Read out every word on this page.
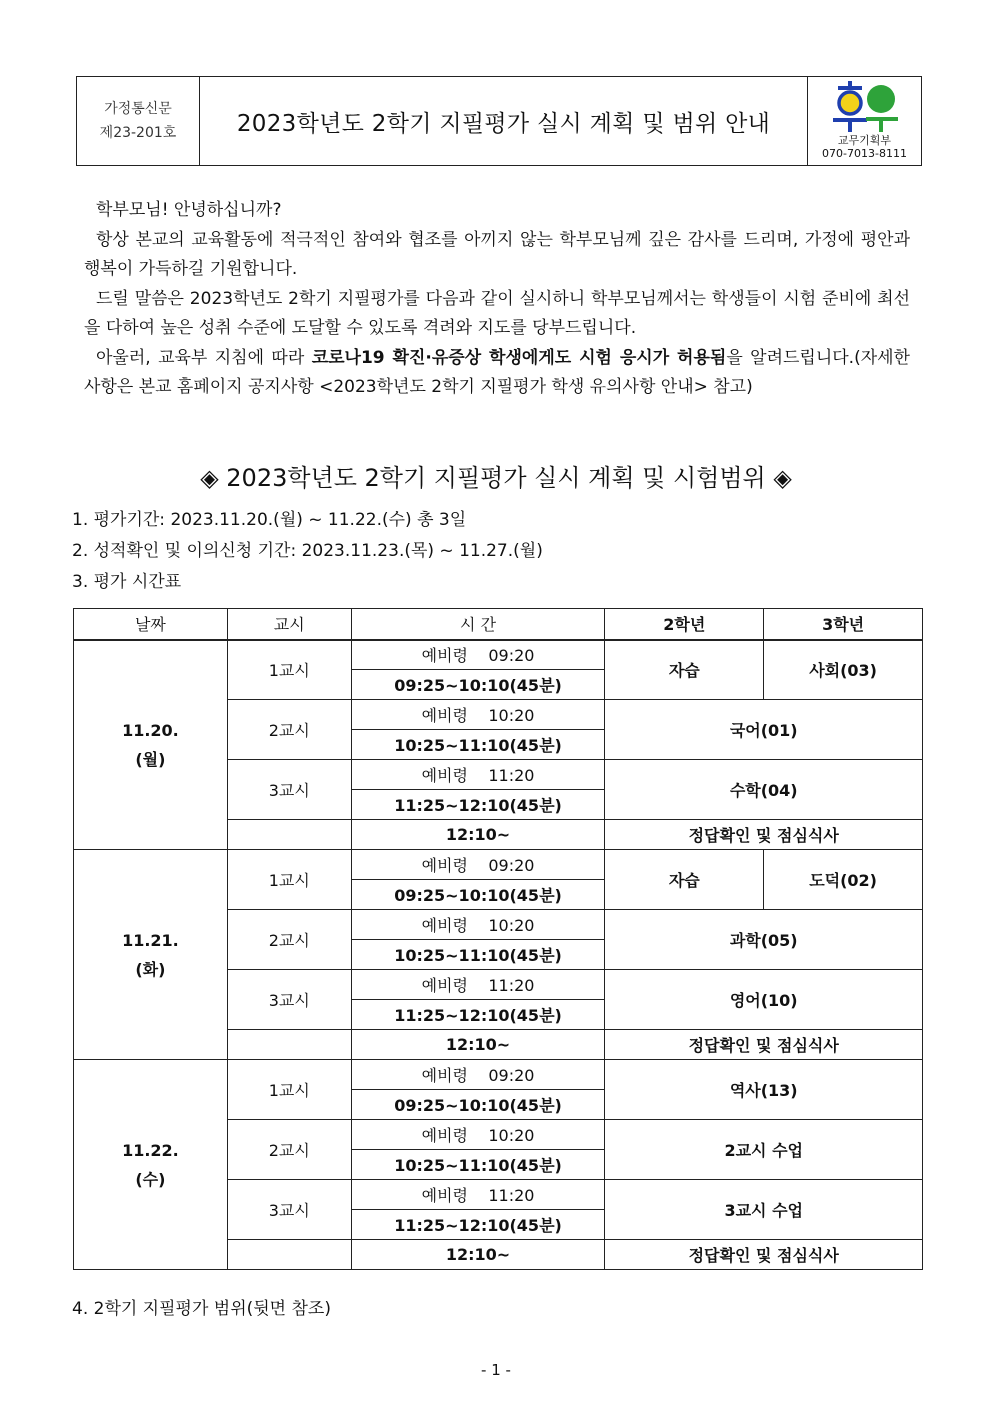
가정통신문
제23-201호	2023학년도 2학기 지필평가 실시 계획 및 범위 안내
교무기획부
070-7013-8111

학부모님! 안녕하십니까?

항상 본교의 교육활동에 적극적인 참여와 협조를 아끼지 않는 학부모님께 깊은 감사를 드리며, 가정에 평안과 행복이 가득하길 기원합니다.

드릴 말씀은 2023학년도 2학기 지필평가를 다음과 같이 실시하니 학부모님께서는 학생들이 시험 준비에 최선을 다하여 높은 성취 수준에 도달할 수 있도록 격려와 지도를 당부드립니다.

아울러, 교육부 지침에 따라 코로나19 확진·유증상 학생에게도 시험 응시가 허용됨을 알려드립니다.(자세한 사항은 본교 홈페이지 공지사항 <2023학년도 2학기 지필평가 학생 유의사항 안내> 참고)

◈ 2023학년도 2학기 지필평가 실시 계획 및 시험범위 ◈
1. 평가기간: 2023.11.20.(월) ~ 11.22.(수) 총 3일
2. 성적확인 및 이의신청 기간: 2023.11.23.(목) ~ 11.27.(월)
3. 평가 시간표
날짜	교시	시 간	2학년	3학년
11.20.
(월)	1교시	예비령    09:20	자습	사회(03)
		09:25~10:10(45분)		
	2교시	예비령    10:20	국어(01)	
		10:25~11:10(45분)		
	3교시	예비령    11:20	수학(04)	
		11:25~12:10(45분)		
		12:10~	정답확인 및 점심식사	
11.21.
(화)	1교시	예비령    09:20	자습	도덕(02)
		09:25~10:10(45분)		
	2교시	예비령    10:20	과학(05)	
		10:25~11:10(45분)		
	3교시	예비령    11:20	영어(10)	
		11:25~12:10(45분)		
		12:10~	정답확인 및 점심식사	
11.22.
(수)	1교시	예비령    09:20	역사(13)	
		09:25~10:10(45분)		
	2교시	예비령    10:20	2교시 수업	
		10:25~11:10(45분)		
	3교시	예비령    11:20	3교시 수업	
		11:25~12:10(45분)		
		12:10~	정답확인 및 점심식사	
4. 2학기 지필평가 범위(뒷면 참조)
- 1 -
